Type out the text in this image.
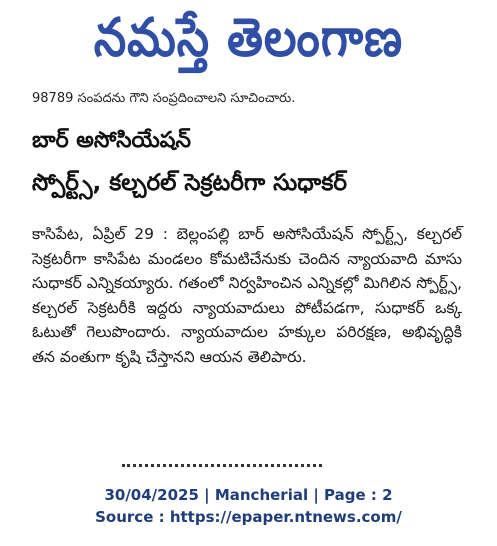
నమస్తే తెలంగాణ
98789 సంపదను గౌని సంప్రదించాలని సూచించారు.
బార్ అసోసియేషన్
స్పోర్ట్స్, కల్చరల్ సెక్రటరీగా సుధాకర్

కాసిపేట, ఏప్రిల్ 29 : బెల్లంపల్లి బార్ అసోసియేషన్ స్పోర్ట్స్, కల్చరల్ సెక్రటరీగా కాసిపేట మండలం కోమటిచేనుకు చెందిన న్యాయవాది మాసు సుధాకర్ ఎన్నికయ్యారు. గతంలో నిర్వహించిన ఎన్నికల్లో మిగిలిన స్పోర్ట్స్, కల్చరల్ సెక్రటరీకి ఇద్దరు న్యాయవాదులు పోటీపడగా, సుధాకర్ ఒక్క ఓటుతో గెలుపొందారు. న్యాయవాదుల హక్కుల పరిరక్షణ, అభివృద్ధికి తన వంతుగా కృషి చేస్తానని ఆయన తెలిపారు.

30/04/2025 | Mancherial | Page : 2
Source : https://epaper.ntnews.com/
